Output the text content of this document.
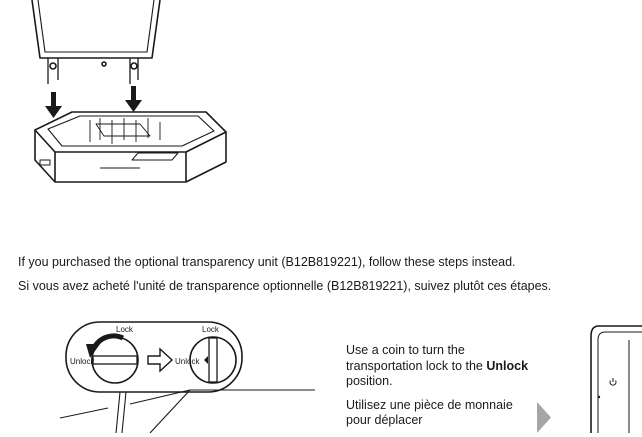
If you purchased the optional transparency unit (B12B819221), follow these steps instead.
Si vous avez acheté l'unité de transparence optionnelle (B12B819221), suivez plutôt ces étapes.
Lock
Unlock
Lock
Unlock

Use a coin to turn the transportation lock to the Unlock position.

Utilisez une pièce de monnaie pour déplacer
